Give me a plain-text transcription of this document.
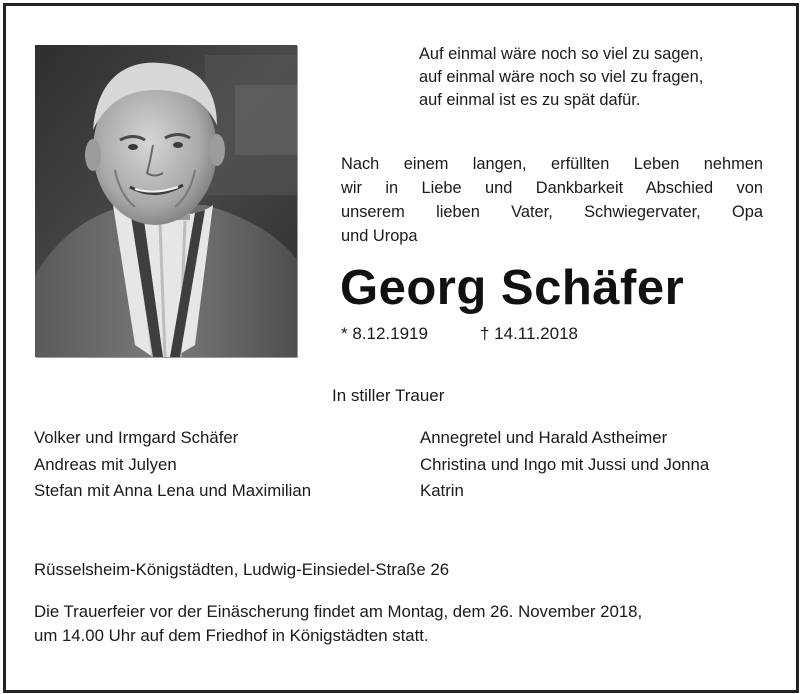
Auf einmal wäre noch so viel zu sagen,
auf einmal wäre noch so viel zu fragen,
auf einmal ist es zu spät dafür.
Nach einem langen, erfüllten Leben nehmen
wir in Liebe und Dankbarkeit Abschied von
unserem lieben Vater, Schwiegervater, Opa
und Uropa
Georg Schäfer
* 8.12.1919	† 14.11.2018
In stiller Trauer
Volker und Irmgard Schäfer
Andreas mit Julyen
Stefan mit Anna Lena und Maximilian
Annegretel und Harald Astheimer
Christina und Ingo mit Jussi und Jonna
Katrin
Rüsselsheim-Königstädten, Ludwig-Einsiedel-Straße 26
Die Trauerfeier vor der Einäscherung findet am Montag, dem 26. November 2018,
um 14.00 Uhr auf dem Friedhof in Königstädten statt.
